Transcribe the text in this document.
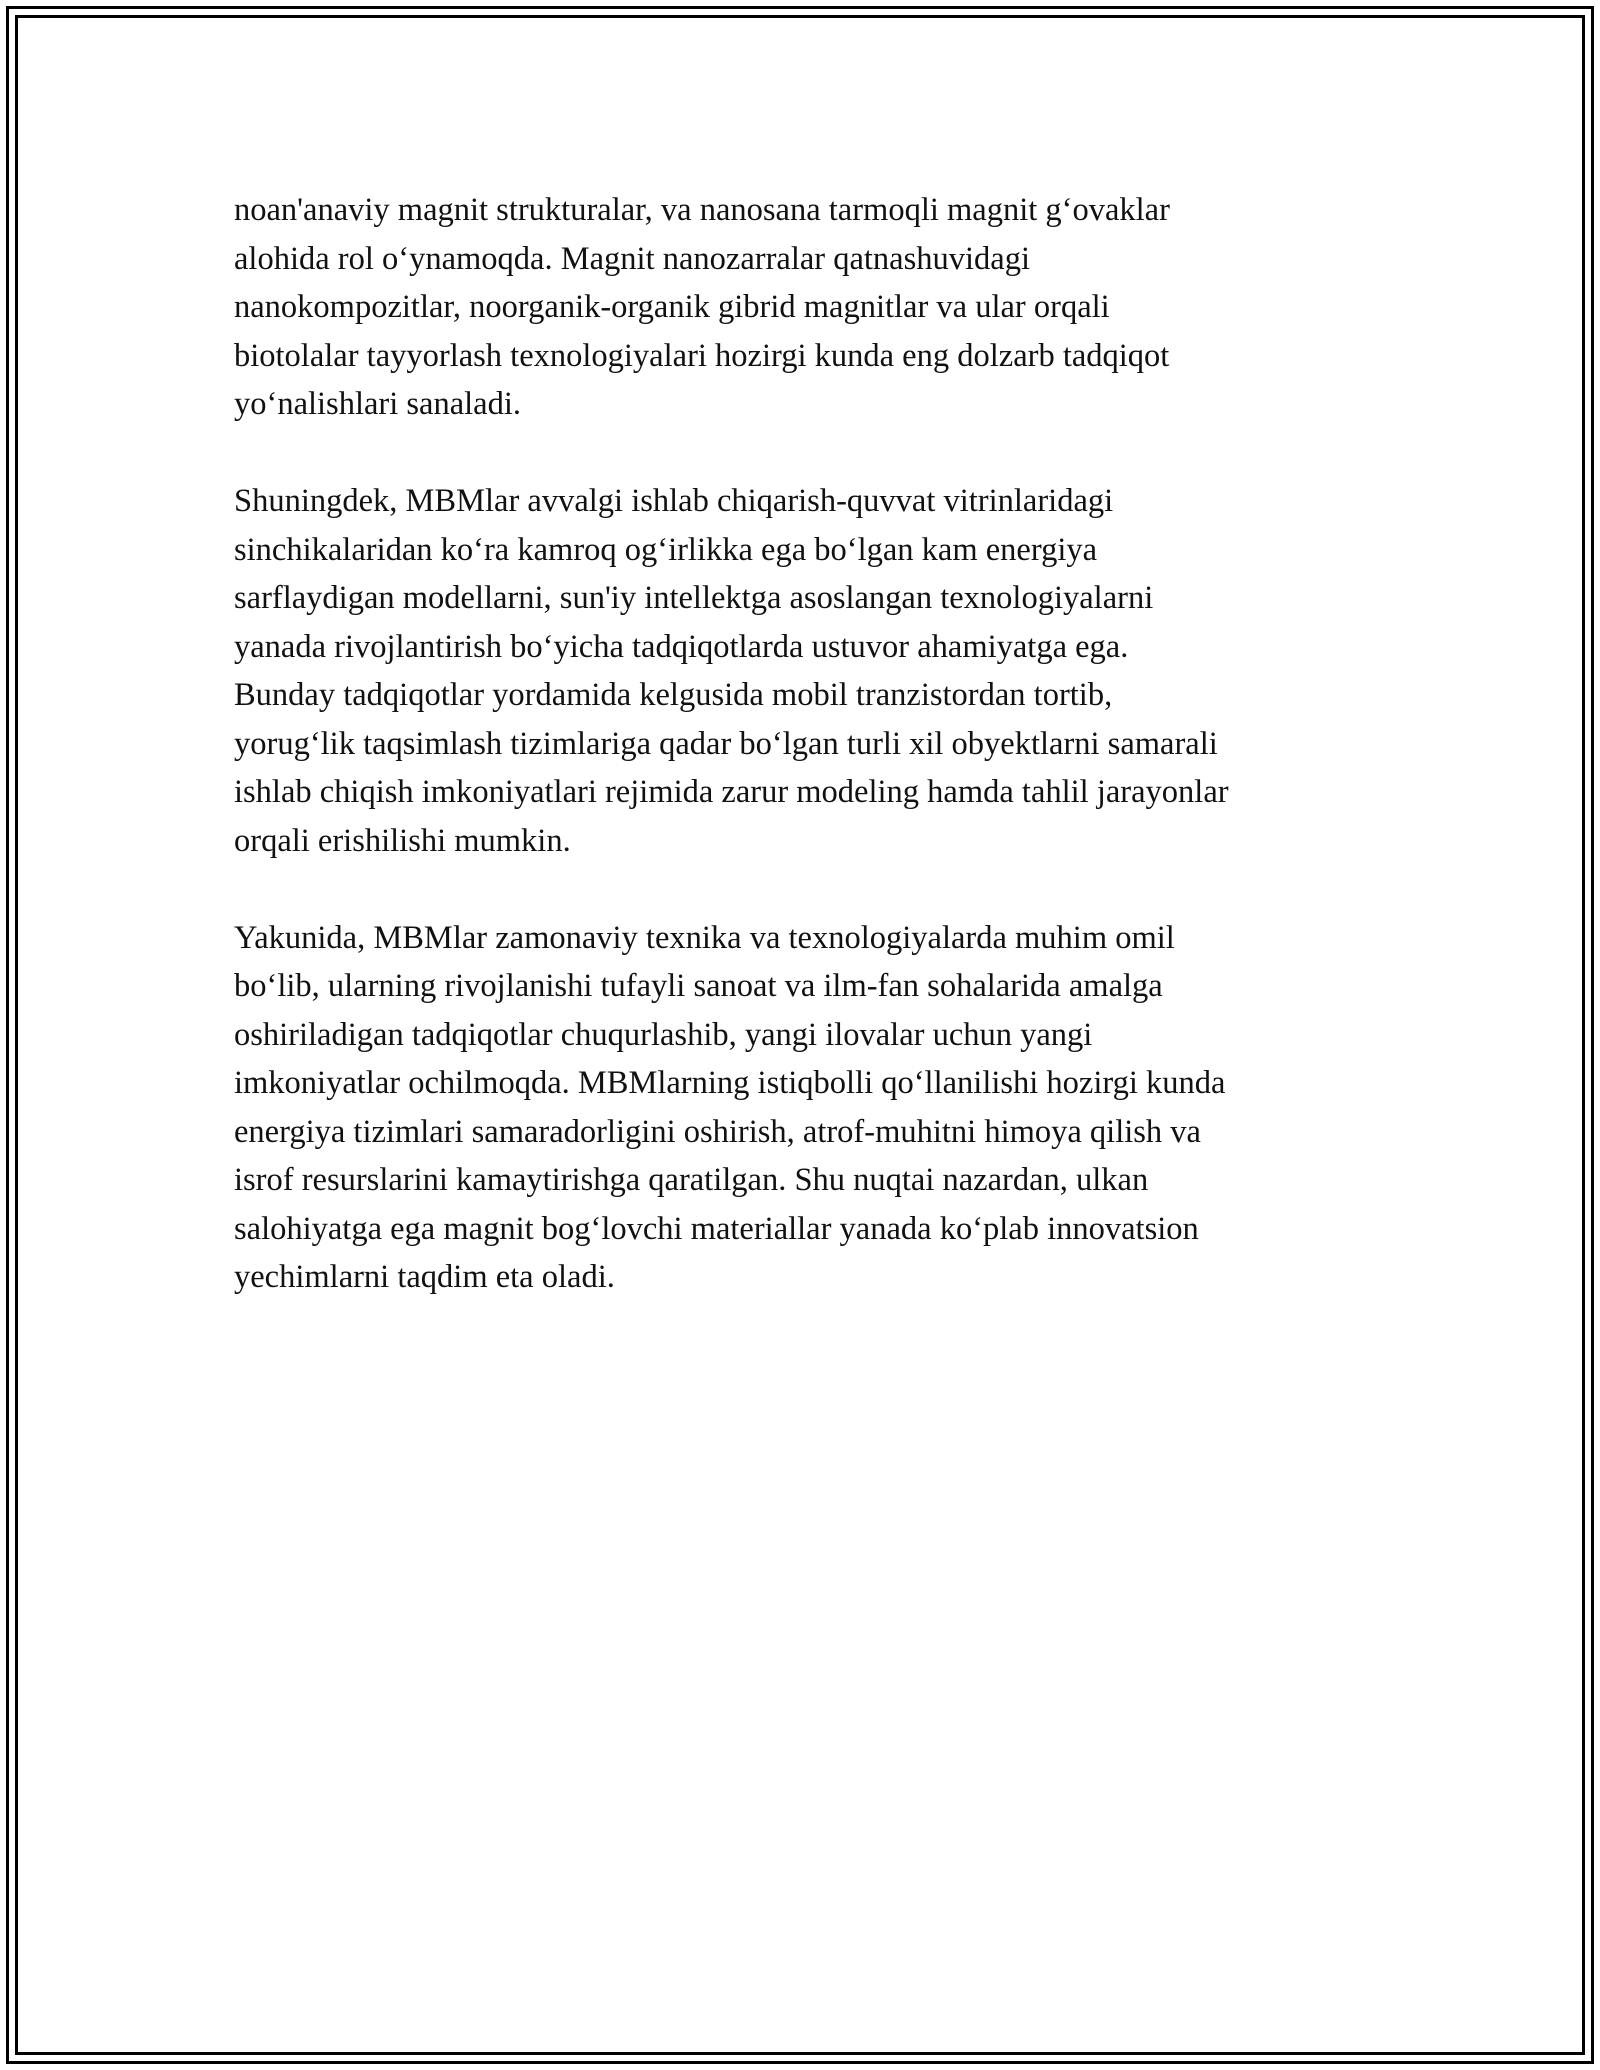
noan'anaviy magnit strukturalar, va nanosana tarmoqli magnit g‘ovaklar
alohida rol o‘ynamoqda. Magnit nanozarralar qatnashuvidagi
nanokompozitlar, noorganik-organik gibrid magnitlar va ular orqali
biotolalar tayyorlash texnologiyalari hozirgi kunda eng dolzarb tadqiqot
yo‘nalishlari sanaladi.

Shuningdek, MBMlar avvalgi ishlab chiqarish-quvvat vitrinlaridagi
sinchikalaridan ko‘ra kamroq og‘irlikka ega bo‘lgan kam energiya
sarflaydigan modellarni, sun'iy intellektga asoslangan texnologiyalarni
yanada rivojlantirish bo‘yicha tadqiqotlarda ustuvor ahamiyatga ega.
Bunday tadqiqotlar yordamida kelgusida mobil tranzistordan tortib,
yorug‘lik taqsimlash tizimlariga qadar bo‘lgan turli xil obyektlarni samarali
ishlab chiqish imkoniyatlari rejimida zarur modeling hamda tahlil jarayonlar
orqali erishilishi mumkin.

Yakunida, MBMlar zamonaviy texnika va texnologiyalarda muhim omil
bo‘lib, ularning rivojlanishi tufayli sanoat va ilm-fan sohalarida amalga
oshiriladigan tadqiqotlar chuqurlashib, yangi ilovalar uchun yangi
imkoniyatlar ochilmoqda. MBMlarning istiqbolli qo‘llanilishi hozirgi kunda
energiya tizimlari samaradorligini oshirish, atrof-muhitni himoya qilish va
isrof resurslarini kamaytirishga qaratilgan. Shu nuqtai nazardan, ulkan
salohiyatga ega magnit bog‘lovchi materiallar yanada ko‘plab innovatsion
yechimlarni taqdim eta oladi.
